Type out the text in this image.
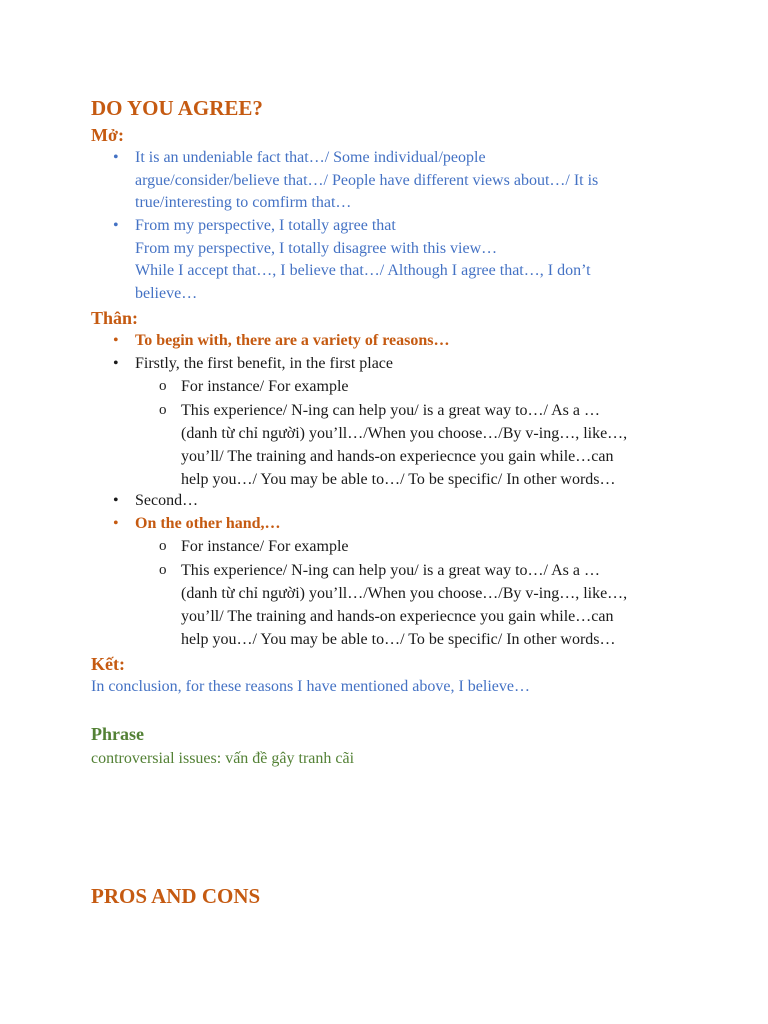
DO YOU AGREE?
Mở:
• It is an undeniable fact that…/ Some individual/people
argue/consider/believe that…/ People have different views about…/ It is
true/interesting to comfirm that…
• From my perspective, I totally agree that
From my perspective, I totally disagree with this view…
While I accept that…, I believe that…/ Although I agree that…, I don’t
believe…
Thân:
• To begin with, there are a variety of reasons…
• Firstly, the first benefit, in the first place
o For instance/ For example
o This experience/ N-ing can help you/ is a great way to…/ As a …
(danh từ chỉ người) you’ll…/When you choose…/By v-ing…, like…,
you’ll/ The training and hands-on experiecnce you gain while…can
help you…/ You may be able to…/ To be specific/ In other words…
• Second…
• On the other hand,…
o For instance/ For example
o This experience/ N-ing can help you/ is a great way to…/ As a …
(danh từ chỉ người) you’ll…/When you choose…/By v-ing…, like…,
you’ll/ The training and hands-on experiecnce you gain while…can
help you…/ You may be able to…/ To be specific/ In other words…
Kết:
In conclusion, for these reasons I have mentioned above, I believe…
Phrase
controversial issues: vấn đề gây tranh cãi
PROS AND CONS
